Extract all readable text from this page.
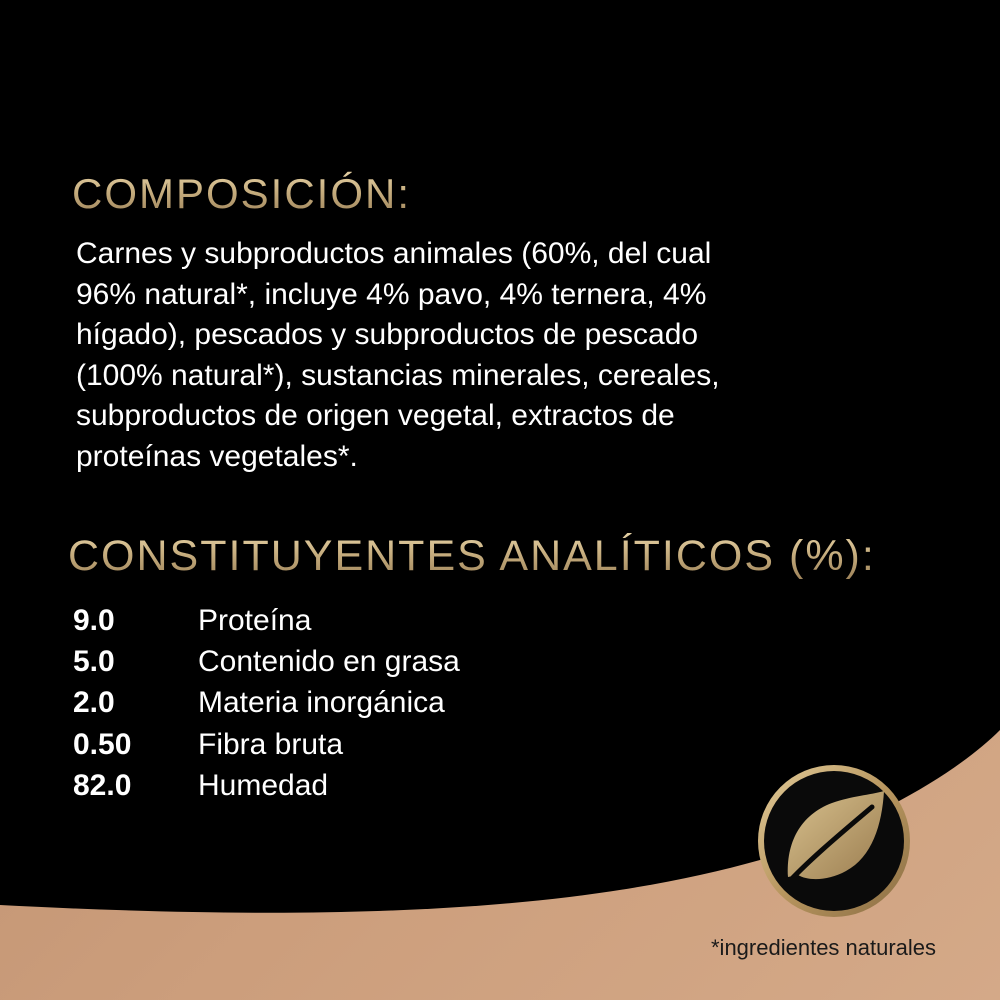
COMPOSICIÓN:

Carnes y subproductos animales (60%, del cual
96% natural*, incluye 4% pavo, 4% ternera, 4%
hígado), pescados y subproductos de pescado
(100% natural*), sustancias minerales, cereales,
subproductos de origen vegetal, extractos de
proteínas vegetales*.

CONSTITUYENTES ANALÍTICOS (%):
9.0	Proteína
5.0	Contenido en grasa
2.0	Materia inorgánica
0.50	Fibra bruta
82.0	Humedad

*ingredientes naturales
